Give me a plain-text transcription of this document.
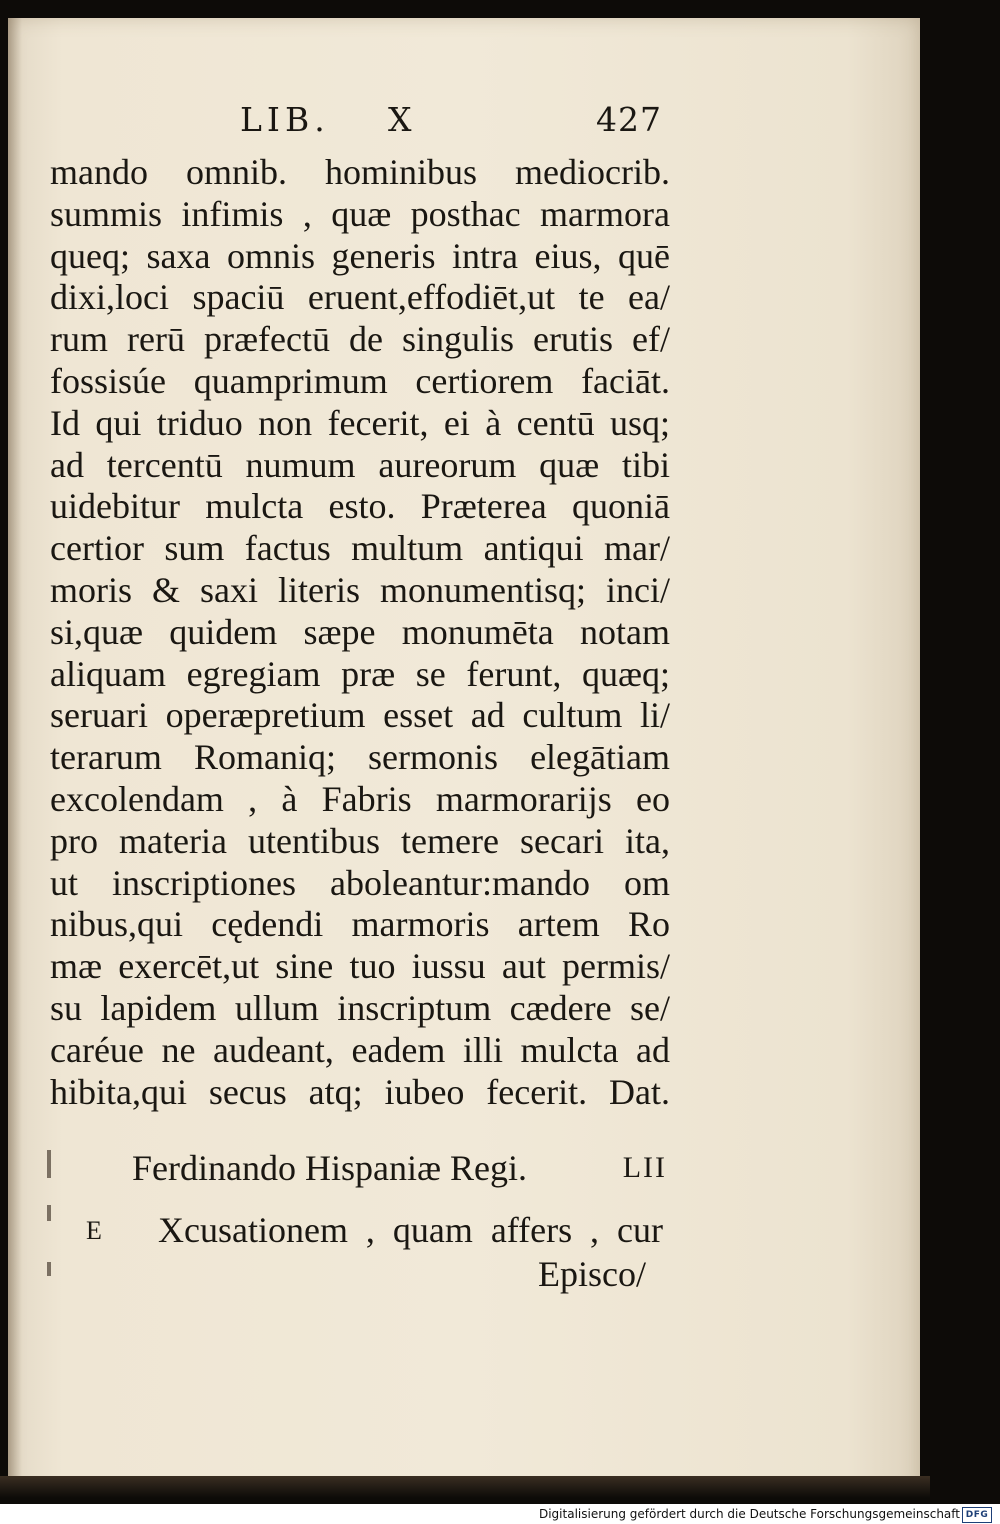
LIB. X	427
mando omnib. hominibus mediocrib.
summis infimis , quæ posthac marmora
queq; saxa omnis generis intra eius, quē
dixi,loci spaciū eruent,effodiēt,ut te ea/
rum rerū præfectū de singulis erutis ef/
fossisúe quamprimum certiorem faciāt.
Id qui triduo non fecerit, ei à centū usq;
ad tercentū numum aureorum quæ tibi
uidebitur mulcta esto. Præterea quoniā
certior sum factus multum antiqui mar/
moris & saxi literis monumentisq; inci/
si,quæ quidem sæpe monumēta notam
aliquam egregiam præ se ferunt, quæq;
seruari operæpretium esset ad cultum li/
terarum Romaniq; sermonis elegātiam
excolendam , à Fabris marmorarijs eo
pro materia utentibus temere secari ita,
ut inscriptiones aboleantur:mando om
nibus,qui cędendi marmoris artem Ro
mæ exercēt,ut sine tuo iussu aut permis/
su lapidem ullum inscriptum cædere se/
caréue ne audeant, eadem illi mulcta ad
hibita,qui secus atq; iubeo fecerit. Dat.
Ferdinando Hispaniæ Regi.	LII
E Xcusationem , quam affers , cur
Episco/
Digitalisierung gefördert durch die Deutsche Forschungsgemeinschaft DFG
